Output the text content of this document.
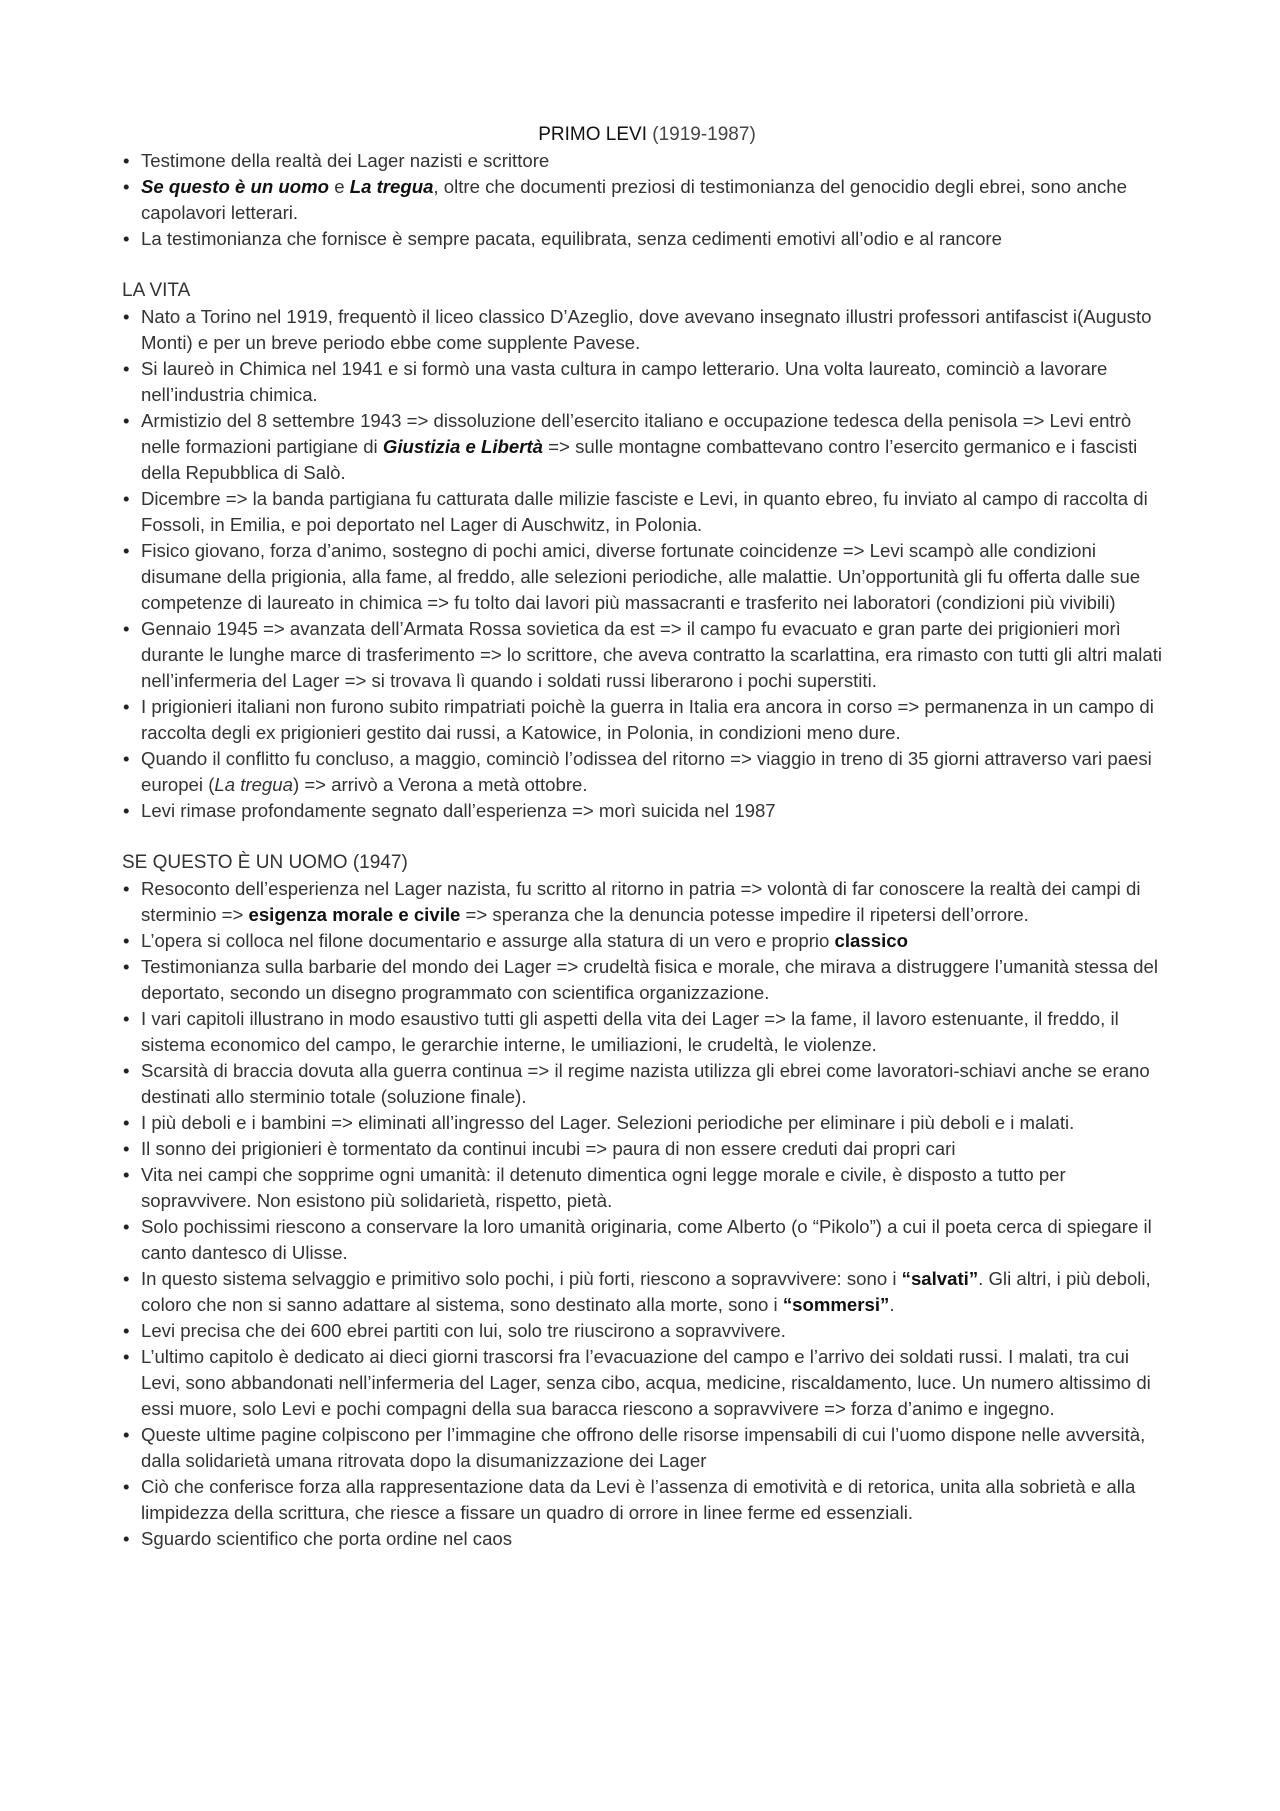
PRIMO LEVI (1919-1987)
• Testimone della realtà dei Lager nazisti e scrittore
• Se questo è un uomo e La tregua, oltre che documenti preziosi di testimonianza del genocidio degli ebrei, sono anche capolavori letterari.
• La testimonianza che fornisce è sempre pacata, equilibrata, senza cedimenti emotivi all’odio e al rancore
LA VITA
• Nato a Torino nel 1919, frequentò il liceo classico D’Azeglio, dove avevano insegnato illustri professori antifascist i(Augusto Monti) e per un breve periodo ebbe come supplente Pavese.
• Si laureò in Chimica nel 1941 e si formò una vasta cultura in campo letterario. Una volta laureato, cominciò a lavorare nell’industria chimica.
• Armistizio del 8 settembre 1943 => dissoluzione dell’esercito italiano e occupazione tedesca della penisola => Levi entrò nelle formazioni partigiane di Giustizia e Libertà => sulle montagne combattevano contro l’esercito germanico e i fascisti della Repubblica di Salò.
• Dicembre => la banda partigiana fu catturata dalle milizie fasciste e Levi, in quanto ebreo, fu inviato al campo di raccolta di Fossoli, in Emilia, e poi deportato nel Lager di Auschwitz, in Polonia.
• Fisico giovano, forza d’animo, sostegno di pochi amici, diverse fortunate coincidenze => Levi scampò alle condizioni disumane della prigionia, alla fame, al freddo, alle selezioni periodiche, alle malattie. Un’opportunità gli fu offerta dalle sue competenze di laureato in chimica => fu tolto dai lavori più massacranti e trasferito nei laboratori (condizioni più vivibili)
• Gennaio 1945 => avanzata dell’Armata Rossa sovietica da est => il campo fu evacuato e gran parte dei prigionieri morì durante le lunghe marce di trasferimento => lo scrittore, che aveva contratto la scarlattina, era rimasto con tutti gli altri malati nell’infermeria del Lager => si trovava lì quando i soldati russi liberarono i pochi superstiti.
• I prigionieri italiani non furono subito rimpatriati poichè la guerra in Italia era ancora in corso => permanenza in un campo di raccolta degli ex prigionieri gestito dai russi, a Katowice, in Polonia, in condizioni meno dure.
• Quando il conflitto fu concluso, a maggio, cominciò l’odissea del ritorno => viaggio in treno di 35 giorni attraverso vari paesi europei (La tregua) => arrivò a Verona a metà ottobre.
• Levi rimase profondamente segnato dall’esperienza => morì suicida nel 1987
SE QUESTO È UN UOMO (1947)
• Resoconto dell’esperienza nel Lager nazista, fu scritto al ritorno in patria => volontà di far conoscere la realtà dei campi di sterminio => esigenza morale e civile => speranza che la denuncia potesse impedire il ripetersi dell’orrore.
• L’opera si colloca nel filone documentario e assurge alla statura di un vero e proprio classico
• Testimonianza sulla barbarie del mondo dei Lager => crudeltà fisica e morale, che mirava a distruggere l’umanità stessa del deportato, secondo un disegno programmato con scientifica organizzazione.
• I vari capitoli illustrano in modo esaustivo tutti gli aspetti della vita dei Lager => la fame, il lavoro estenuante, il freddo, il sistema economico del campo, le gerarchie interne, le umiliazioni, le crudeltà, le violenze.
• Scarsità di braccia dovuta alla guerra continua => il regime nazista utilizza gli ebrei come lavoratori-schiavi anche se erano destinati allo sterminio totale (soluzione finale).
• I più deboli e i bambini => eliminati all’ingresso del Lager. Selezioni periodiche per eliminare i più deboli e i malati.
• Il sonno dei prigionieri è tormentato da continui incubi => paura di non essere creduti dai propri cari
• Vita nei campi che sopprime ogni umanità: il detenuto dimentica ogni legge morale e civile, è disposto a tutto per sopravvivere. Non esistono più solidarietà, rispetto, pietà.
• Solo pochissimi riescono a conservare la loro umanità originaria, come Alberto (o “Pikolo”) a cui il poeta cerca di spiegare il canto dantesco di Ulisse.
• In questo sistema selvaggio e primitivo solo pochi, i più forti, riescono a sopravvivere: sono i “salvati”. Gli altri, i più deboli, coloro che non si sanno adattare al sistema, sono destinato alla morte, sono i “sommersi”.
• Levi precisa che dei 600 ebrei partiti con lui, solo tre riuscirono a sopravvivere.
• L’ultimo capitolo è dedicato ai dieci giorni trascorsi fra l’evacuazione del campo e l’arrivo dei soldati russi. I malati, tra cui Levi, sono abbandonati nell’infermeria del Lager, senza cibo, acqua, medicine, riscaldamento, luce. Un numero altissimo di essi muore, solo Levi e pochi compagni della sua baracca riescono a sopravvivere => forza d’animo e ingegno.
• Queste ultime pagine colpiscono per l’immagine che offrono delle risorse impensabili di cui l’uomo dispone nelle avversità, dalla solidarietà umana ritrovata dopo la disumanizzazione dei Lager
• Ciò che conferisce forza alla rappresentazione data da Levi è l’assenza di emotività e di retorica, unita alla sobrietà e alla limpidezza della scrittura, che riesce a fissare un quadro di orrore in linee ferme ed essenziali.
• Sguardo scientifico che porta ordine nel caos
